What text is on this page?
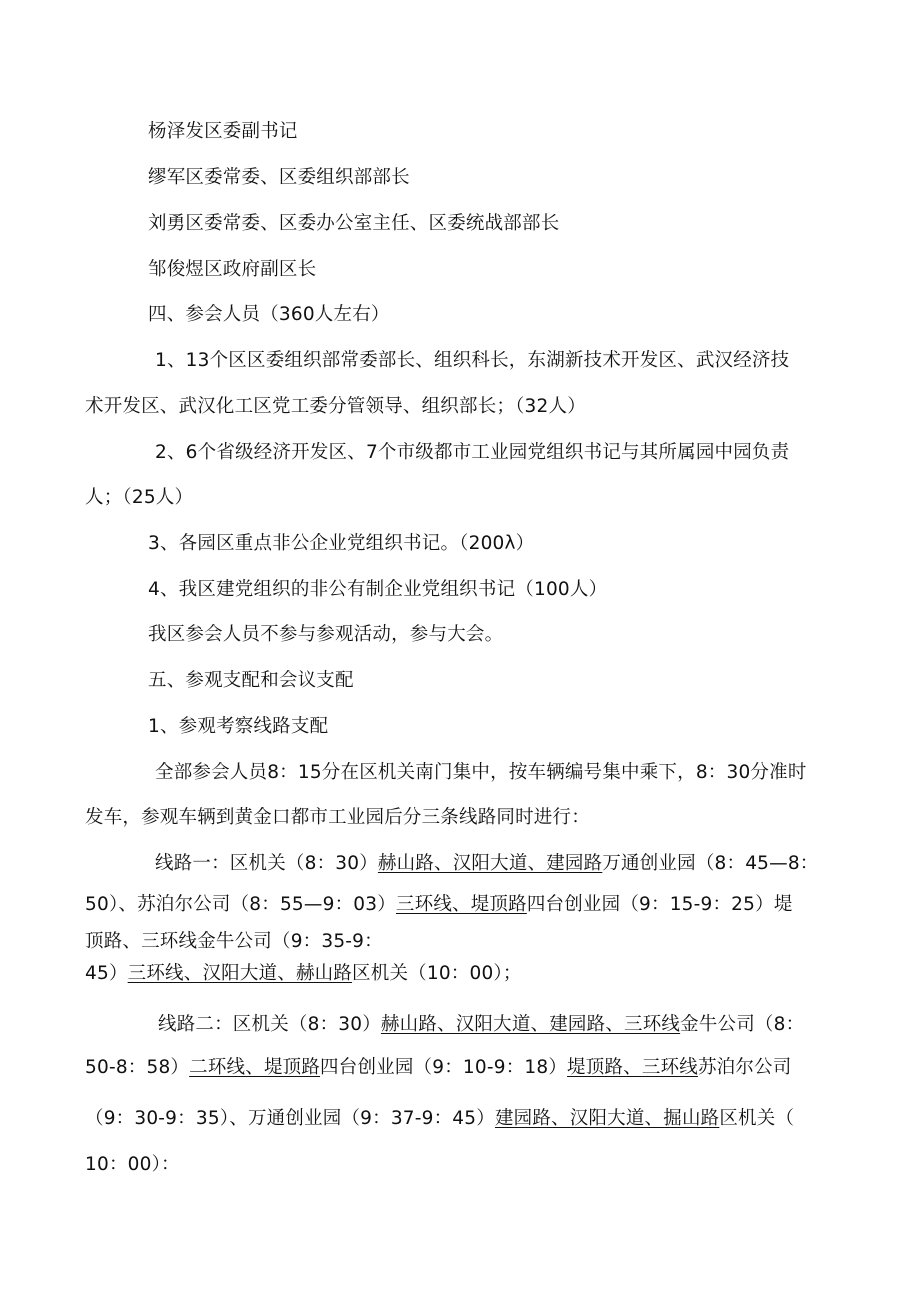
杨泽发区委副书记
缪军区委常委、区委组织部部长
刘勇区委常委、区委办公室主任、区委统战部部长
邹俊煜区政府副区长
四、参会人员（360人左右）
1、13个区区委组织部常委部长、组织科长，东湖新技术开发区、武汉经济技
术开发区、武汉化工区党工委分管领导、组织部长；（32人）
2、6个省级经济开发区、7个市级都市工业园党组织书记与其所属园中园负责
人；（25人）
3、各园区重点非公企业党组织书记。（200λ）
4、我区建党组织的非公有制企业党组织书记（100人）
我区参会人员不参与参观活动，参与大会。
五、参观支配和会议支配
1、参观考察线路支配
全部参会人员8：15分在区机关南门集中，按车辆编号集中乘下，8：30分准时
发车，参观车辆到黄金口都市工业园后分三条线路同时进行：
线路一：区机关（8：30）赫山路、汉阳大道、建园路万通创业园（8：45—8：
50）、苏泊尔公司（8：55—9：03）三环线、堤顶路四台创业园（9：15-9：25）堤
顶路、三环线金牛公司（9：35-9：
45）三环线、汉阳大道、赫山路区机关（10：00）；
线路二：区机关（8：30）赫山路、汉阳大道、建园路、三环线金牛公司（8：
50-8：58）二环线、堤顶路四台创业园（9：10-9：18）堤顶路、三环线苏泊尔公司
（9：30-9：35）、万通创业园（9：37-9：45）建园路、汉阳大道、掘山路区机关（
10：00）：
